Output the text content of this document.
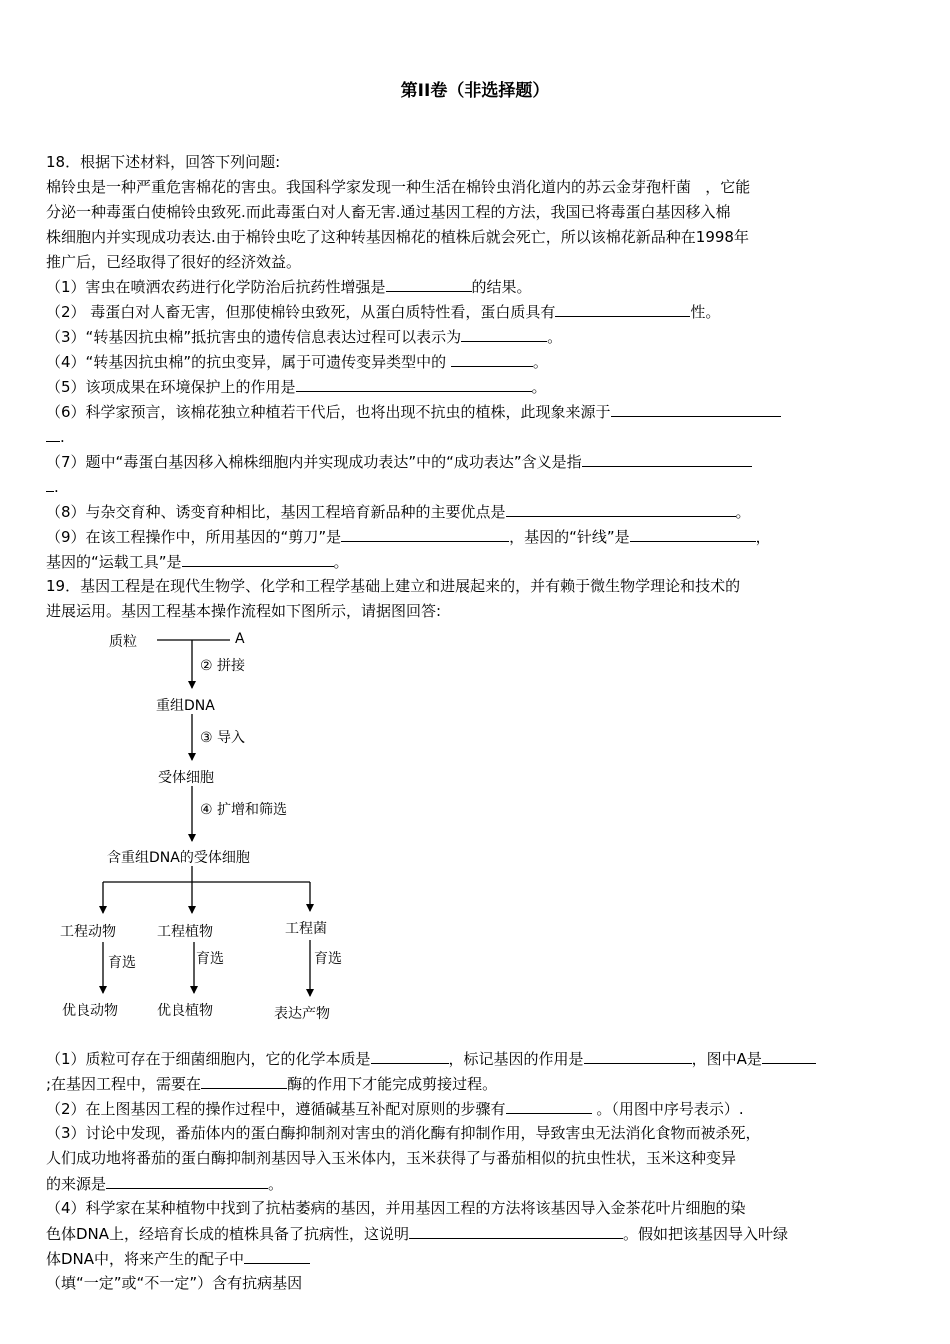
第II卷（非选择题）
18．根据下述材料，回答下列问题:
棉铃虫是一种严重危害棉花的害虫。我国科学家发现一种生活在棉铃虫消化道内的苏云金芽孢杆菌   ，它能
分泌一种毒蛋白使棉铃虫致死.而此毒蛋白对人畜无害.通过基因工程的方法，我国已将毒蛋白基因移入棉
株细胞内并实现成功表达.由于棉铃虫吃了这种转基因棉花的植株后就会死亡，所以该棉花新品种在1998年
推广后，已经取得了很好的经济效益。
（1）害虫在喷洒农药进行化学防治后抗药性增强是	的结果。
（2） 毒蛋白对人畜无害，但那使棉铃虫致死，从蛋白质特性看，蛋白质具有	性。
（3）“转基因抗虫棉”抵抗害虫的遗传信息表达过程可以表示为	。
（4）“转基因抗虫棉”的抗虫变异，属于可遗传变异类型中的	。
（5）该项成果在环境保护上的作用是	。
（6）科学家预言，该棉花独立种植若干代后，也将出现不抗虫的植株，此现象来源于
.
（7）题中“毒蛋白基因移入棉株细胞内并实现成功表达”中的“成功表达”含义是指
.
（8）与杂交育种、诱变育种相比，基因工程培育新品种的主要优点是	。
（9）在该工程操作中，所用基因的“剪刀”是	，基因的“针线”是	，
基因的“运载工具”是	。
19．基因工程是在现代生物学、化学和工程学基础上建立和进展起来的，并有赖于微生物学理论和技术的
进展运用。基因工程基本操作流程如下图所示，请据图回答:
质粒	A
② 拼接
重组DNA
③ 导入
受体细胞
④ 扩增和筛选
含重组DNA的受体细胞
工程动物	工程植物	工程菌
育选	育选	育选
优良动物	优良植物	表达产物
（1）质粒可存在于细菌细胞内，它的化学本质是	，标记基因的作用是	，图中A是
;在基因工程中，需要在	酶的作用下才能完成剪接过程。
（2）在上图基因工程的操作过程中，遵循碱基互补配对原则的步骤有	。（用图中序号表示）.
（3）讨论中发现，番茄体内的蛋白酶抑制剂对害虫的消化酶有抑制作用，导致害虫无法消化食物而被杀死，
人们成功地将番茄的蛋白酶抑制剂基因导入玉米体内，玉米获得了与番茄相似的抗虫性状，玉米这种变异
的来源是	。
（4）科学家在某种植物中找到了抗枯萎病的基因，并用基因工程的方法将该基因导入金茶花叶片细胞的染
色体DNA上，经培育长成的植株具备了抗病性，这说明	。假如把该基因导入叶绿
体DNA中，将来产生的配子中
（填“一定”或“不一定”）含有抗病基因
